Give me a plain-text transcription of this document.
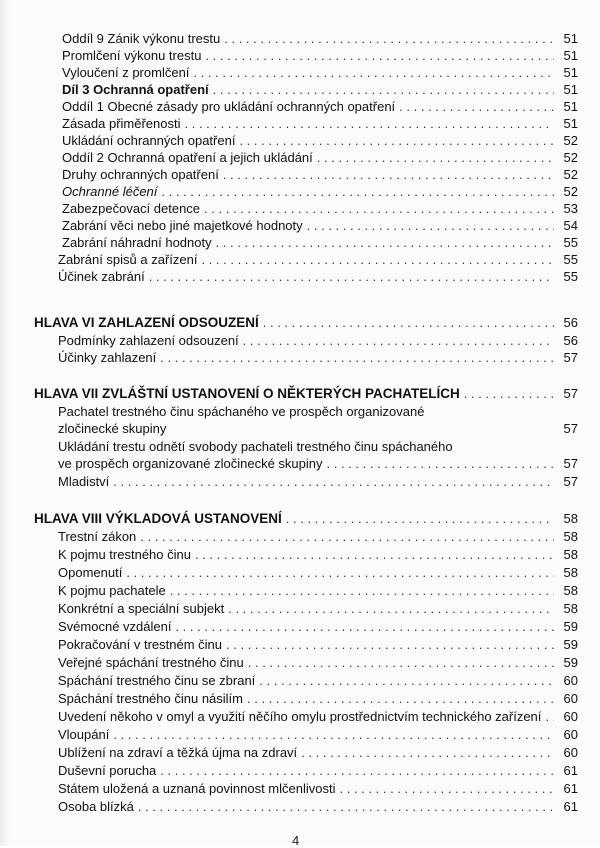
Oddíl 9 Zánik výkonu trestu . . .	51
Promlčení výkonu trestu . . .	51
Vyloučení z promlčení . . .	51
Díl 3 Ochranná opatření . . .	51
Oddíl 1 Obecné zásady pro ukládání ochranných opatření . . .	51
Zásada přiměřenosti . . .	51
Ukládání ochranných opatření . . .	52
Oddíl 2 Ochranná opatření a jejich ukládání . . .	52
Druhy ochranných opatření . . .	52
Ochranné léčení . . .	52
Zabezpečovací detence . . .	53
Zabrání věci nebo jiné majetkové hodnoty . . .	54
Zabrání náhradní hodnoty . . .	55
Zabrání spisů a zařízení . . .	55
Účinek zabrání . . .	55
HLAVA VI ZAHLAZENÍ ODSOUZENÍ . . .	56
Podmínky zahlazení odsouzení . . .	56
Účinky zahlazení . . .	57
HLAVA VII ZVLÁŠTNÍ USTANOVENÍ O NĚKTERÝCH PACHATELÍCH . . .	57
Pachatel trestného činu spáchaného ve prospěch organizované
zločinecké skupiny	57
Ukládání trestu odnětí svobody pachateli trestného činu spáchaného
ve prospěch organizované zločinecké skupiny . . .	57
Mladiství . . .	57
HLAVA VIII VÝKLADOVÁ USTANOVENÍ . . .	58
Trestní zákon . . .	58
K pojmu trestného činu . . .	58
Opomenutí . . .	58
K pojmu pachatele . . .	58
Konkrétní a speciální subjekt . . .	58
Svémocné vzdálení . . .	59
Pokračování v trestném činu . . .	59
Veřejné spáchání trestného činu . . .	59
Spáchání trestného činu se zbraní . . .	60
Spáchání trestného činu násilím . . .	60
Uvedení někoho v omyl a využití něčího omylu prostřednictvím technického zařízení . . . 60
Vloupání . . .	60
Ublížení na zdraví a těžká újma na zdraví . . .	60
Duševní porucha . . .	61
Státem uložená a uznaná povinnost mlčenlivosti . . .	61
Osoba blízká . . .	61
4
